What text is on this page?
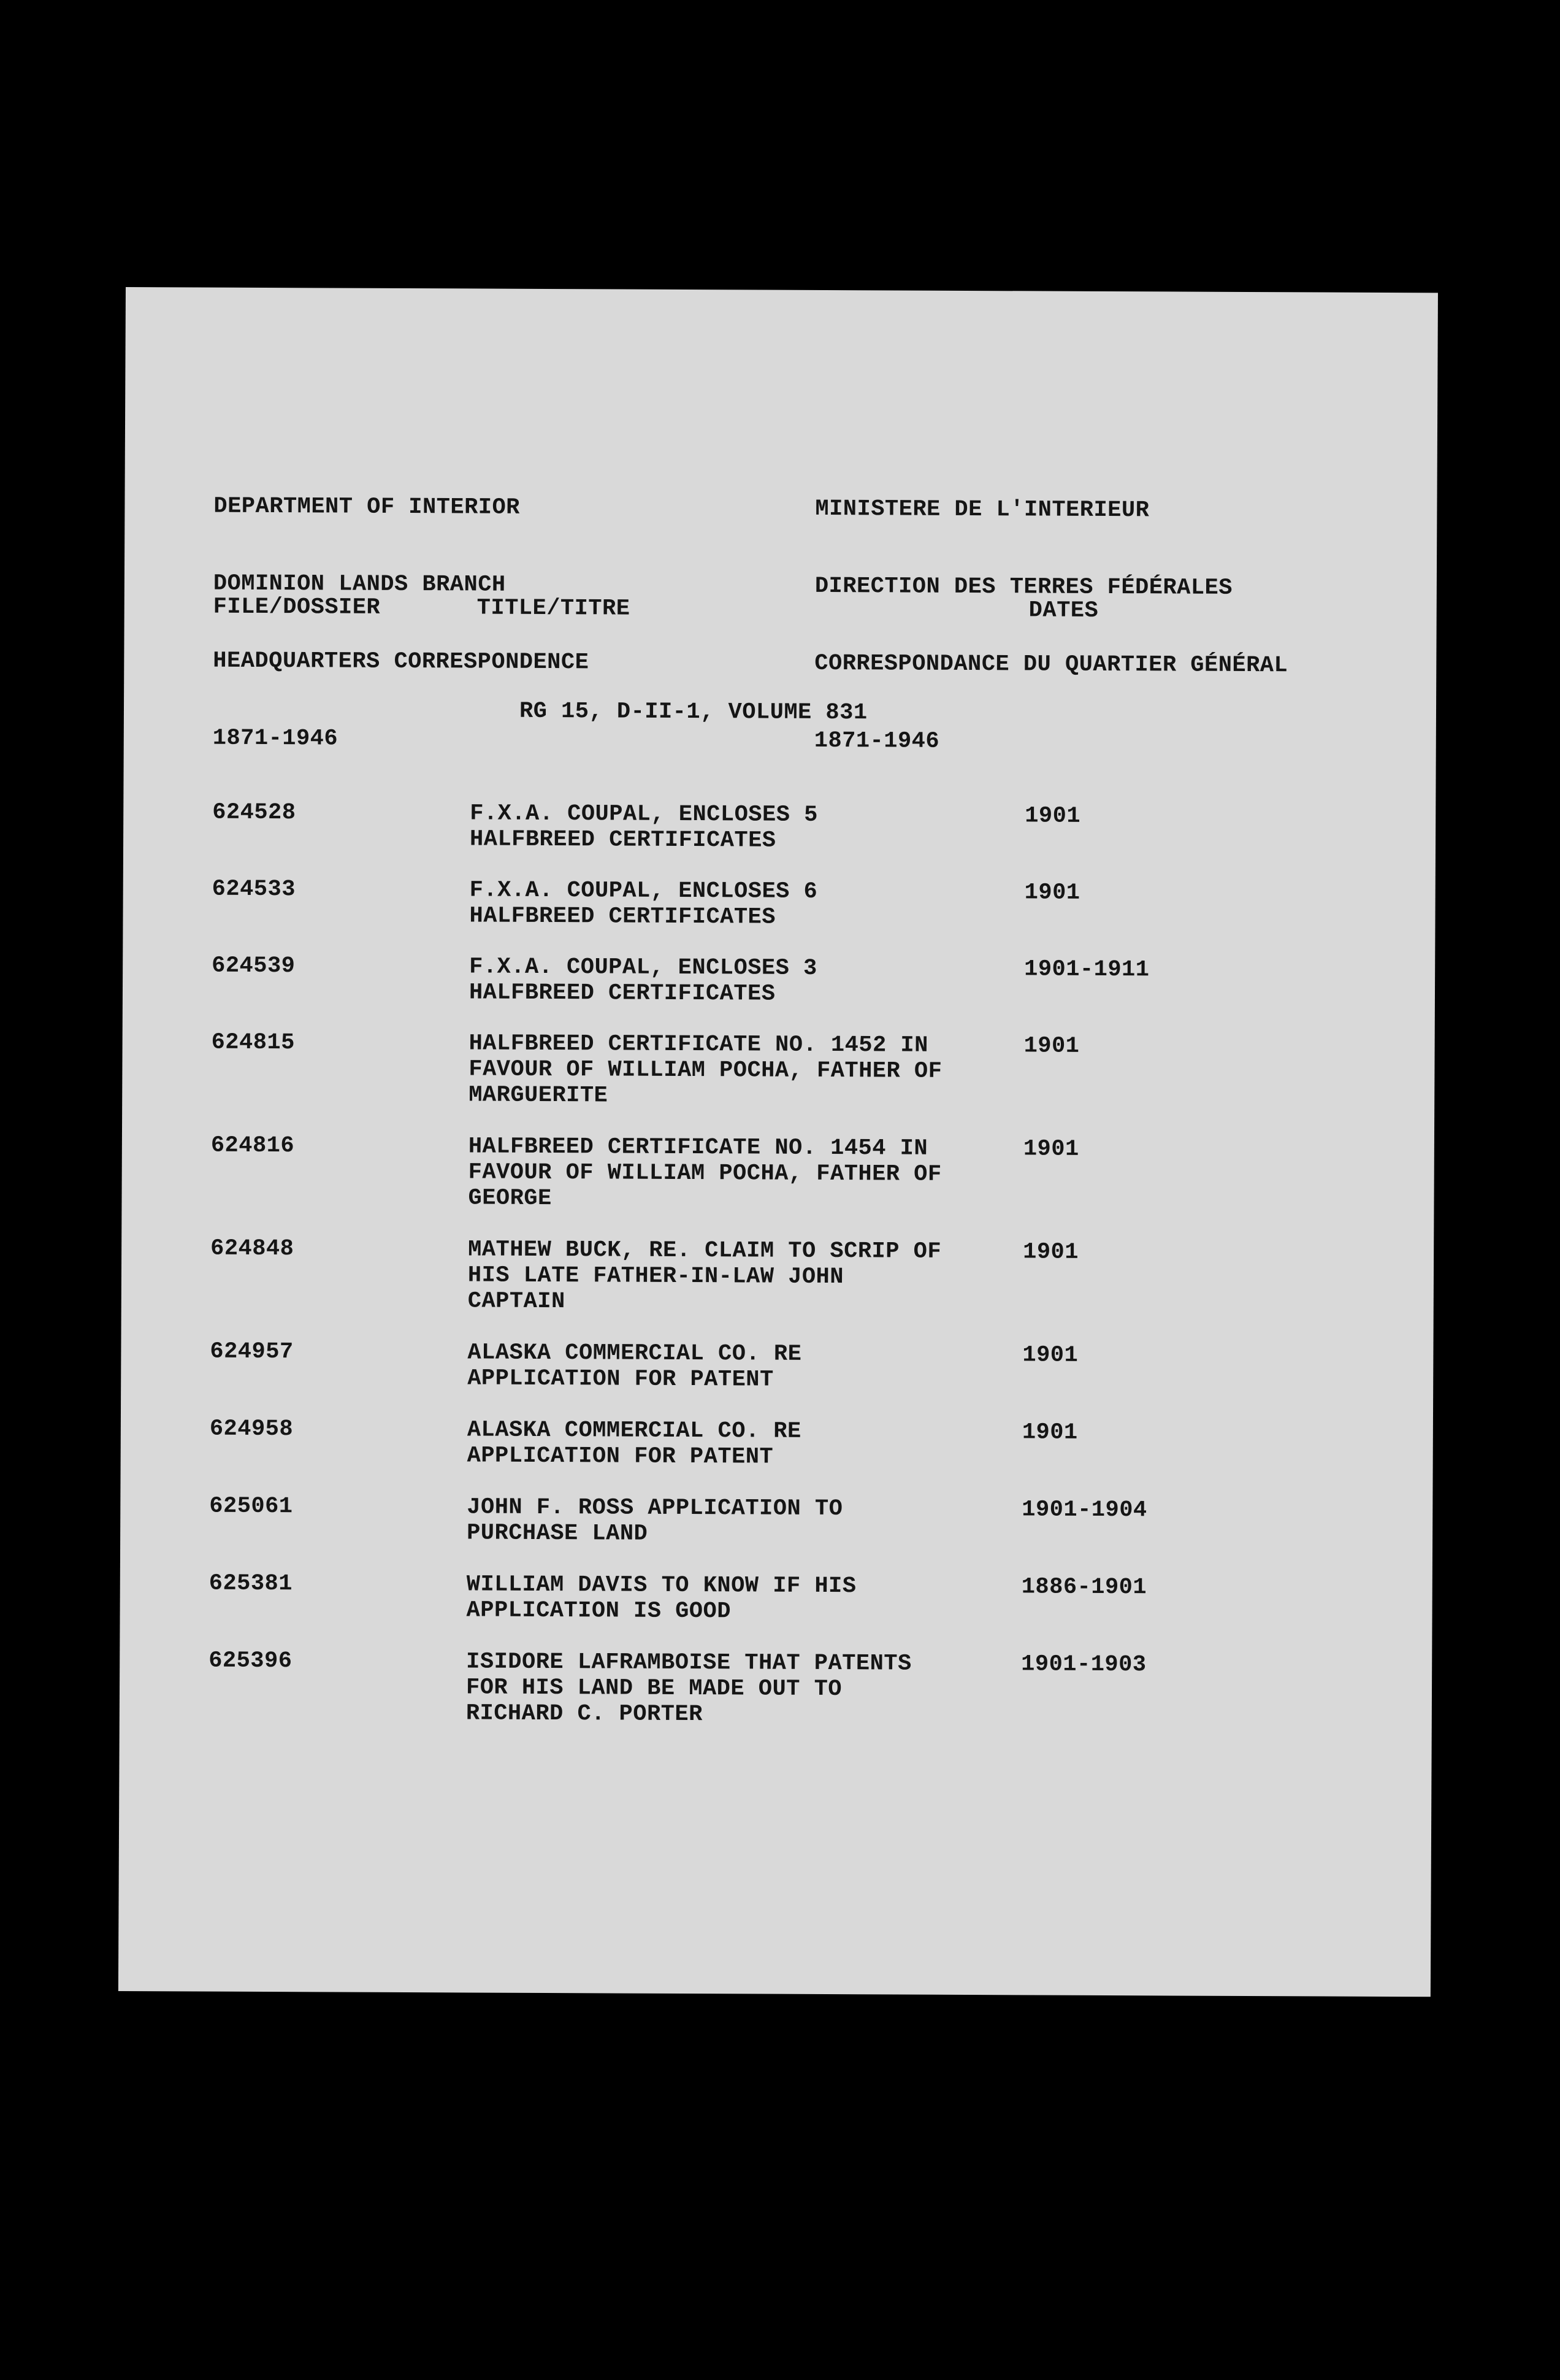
DEPARTMENT OF INTERIOR

DOMINION LANDS BRANCH

HEADQUARTERS CORRESPONDENCE

1871-1946

MINISTERE DE L'INTERIEUR

DIRECTION DES TERRES FÉDÉRALES

CORRESPONDANCE DU QUARTIER GÉNÉRAL

1871-1946

FILE/DOSSIER	TITLE/TITRE	DATES
RG 15, D-II-1, VOLUME 831
624528	F.X.A. COUPAL, ENCLOSES 5
HALFBREED CERTIFICATES
1901
624533	F.X.A. COUPAL, ENCLOSES 6
HALFBREED CERTIFICATES
1901
624539	F.X.A. COUPAL, ENCLOSES 3
HALFBREED CERTIFICATES
1901-1911
624815	HALFBREED CERTIFICATE NO. 1452 IN
FAVOUR OF WILLIAM POCHA, FATHER OF
MARGUERITE
1901
624816	HALFBREED CERTIFICATE NO. 1454 IN
FAVOUR OF WILLIAM POCHA, FATHER OF
GEORGE
1901
624848	MATHEW BUCK, RE. CLAIM TO SCRIP OF
HIS LATE FATHER-IN-LAW JOHN
CAPTAIN
1901
624957	ALASKA COMMERCIAL CO. RE
APPLICATION FOR PATENT
1901
624958	ALASKA COMMERCIAL CO. RE
APPLICATION FOR PATENT
1901
625061	JOHN F. ROSS APPLICATION TO
PURCHASE LAND
1901-1904
625381	WILLIAM DAVIS TO KNOW IF HIS
APPLICATION IS GOOD
1886-1901
625396	ISIDORE LAFRAMBOISE THAT PATENTS
FOR HIS LAND BE MADE OUT TO
RICHARD C. PORTER
1901-1903
